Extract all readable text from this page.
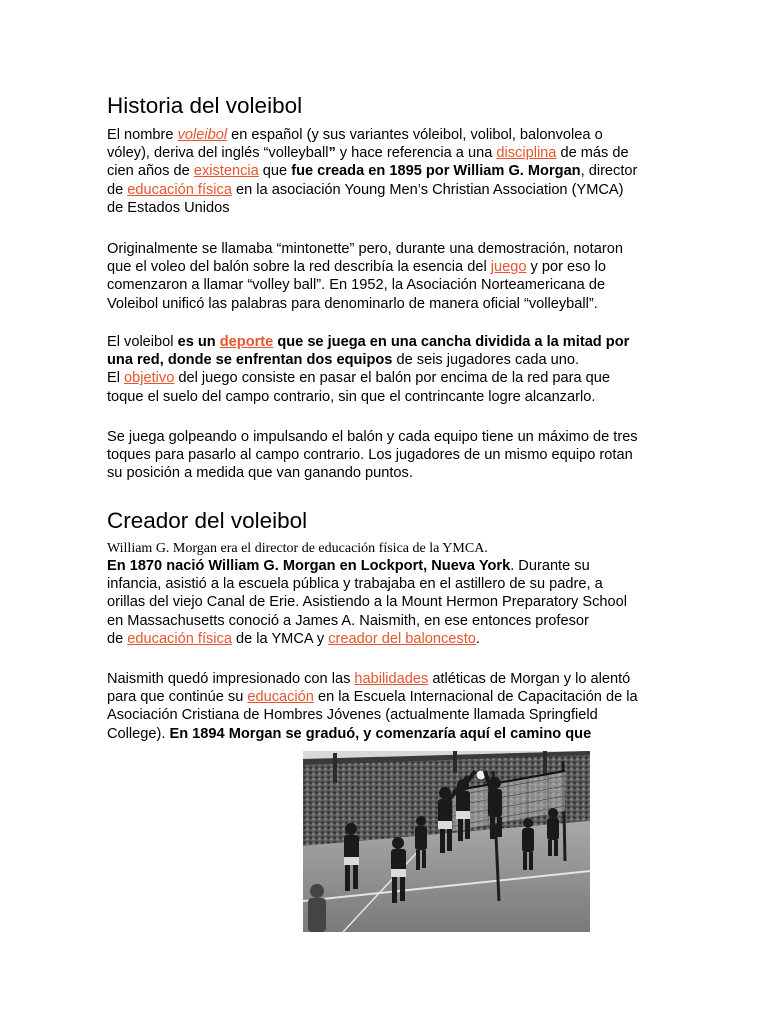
Historia del voleibol
El nombre voleibol en español (y sus variantes vóleibol, volibol, balonvolea o
vóley), deriva del inglés “volleyball” y hace referencia a una disciplina de más de
cien años de existencia que fue creada en 1895 por William G. Morgan, director
de educación física en la asociación Young Men’s Christian Association (YMCA)
de Estados Unidos
Originalmente se llamaba “mintonette” pero, durante una demostración, notaron
que el voleo del balón sobre la red describía la esencia del juego y por eso lo
comenzaron a llamar “volley ball”. En 1952, la Asociación Norteamericana de
Voleibol unificó las palabras para denominarlo de manera oficial “volleyball”.
El voleibol es un deporte que se juega en una cancha dividida a la mitad por
una red, donde se enfrentan dos equipos de seis jugadores cada uno.
El objetivo del juego consiste en pasar el balón por encima de la red para que
toque el suelo del campo contrario, sin que el contrincante logre alcanzarlo.
Se juega golpeando o impulsando el balón y cada equipo tiene un máximo de tres
toques para pasarlo al campo contrario. Los jugadores de un mismo equipo rotan
su posición a medida que van ganando puntos.
Creador del voleibol
William G. Morgan era el director de educación física de la YMCA.
En 1870 nació William G. Morgan en Lockport, Nueva York. Durante su
infancia, asistió a la escuela pública y trabajaba en el astillero de su padre, a
orillas del viejo Canal de Erie. Asistiendo a la Mount Hermon Preparatory School
en Massachusetts conoció a James A. Naismith, en ese entonces profesor
de educación física de la YMCA y creador del baloncesto.
Naismith quedó impresionado con las habilidades atléticas de Morgan y lo alentó
para que continúe su educación en la Escuela Internacional de Capacitación de la
Asociación Cristiana de Hombres Jóvenes (actualmente llamada Springfield
College). En 1894 Morgan se graduó, y comenzaría aquí el camino que
